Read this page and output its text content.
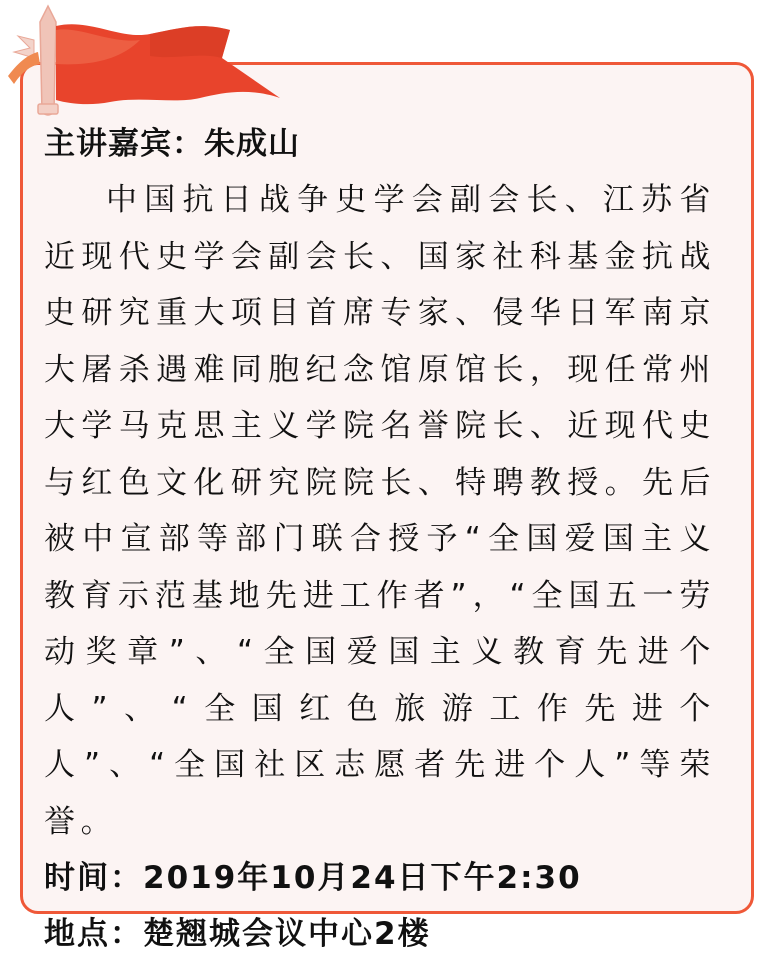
主讲嘉宾：朱成山

中国抗日战争史学会副会长、江苏省近现代史学会副会长、国家社科基金抗战史研究重大项目首席专家、侵华日军南京大屠杀遇难同胞纪念馆原馆长，现任常州大学马克思主义学院名誉院长、近现代史与红色文化研究院院长、特聘教授。先后被中宣部等部门联合授予“全国爱国主义教育示范基地先进工作者”，“全国五一劳动奖章”、“全国爱国主义教育先进个人”、“全国红色旅游工作先进个人”、“全国社区志愿者先进个人”等荣誉。

时间：2019年10月24日下午2:30
地点：楚翘城会议中心2楼
